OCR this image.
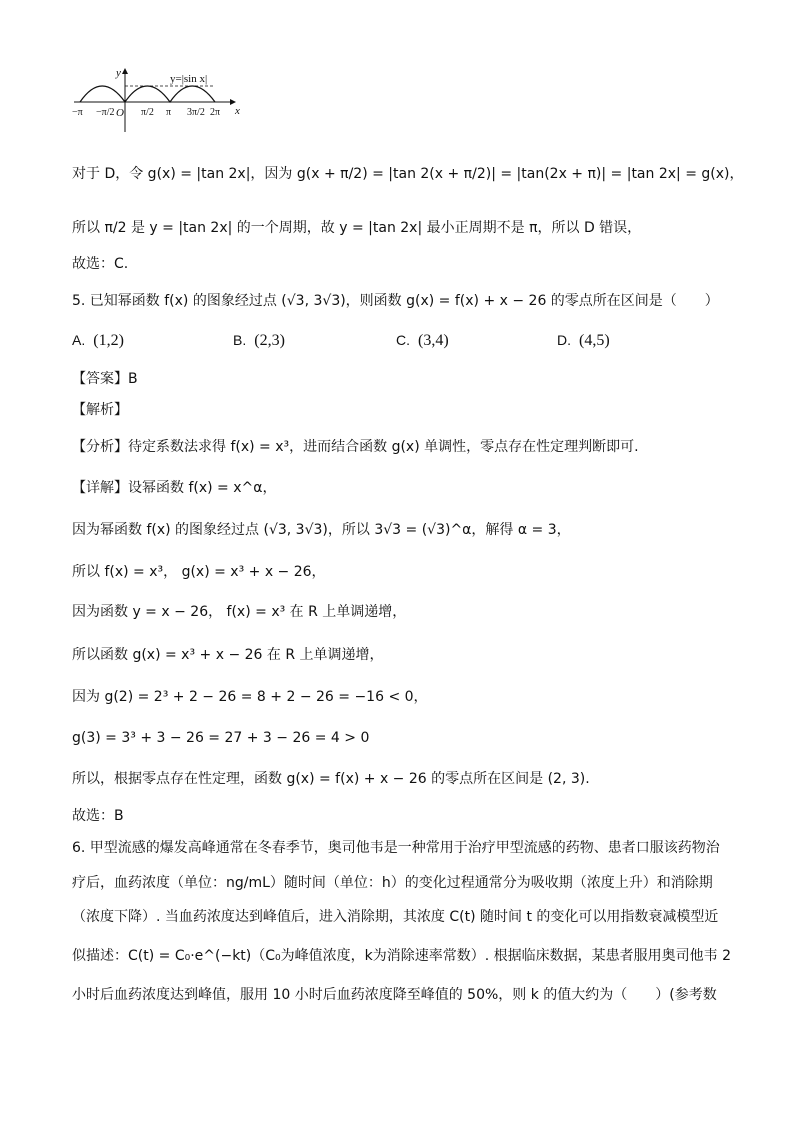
y=|sin x|
y
x
O
−π −π/2	π/2 π 3π/2 2π
对于 D，令 g(x) = |tan 2x|，因为 g(x + π/2) = |tan 2(x + π/2)| = |tan(2x + π)| = |tan 2x| = g(x)，
所以 π/2 是 y = |tan 2x| 的一个周期，故 y = |tan 2x| 最小正周期不是 π，所以 D 错误，
故选：C.
5. 已知幂函数 f(x) 的图象经过点 (√3, 3√3)，则函数 g(x) = f(x) + x − 26 的零点所在区间是（　　）
A. (1,2)	B. (2,3)	C. (3,4)	D. (4,5)
【答案】B
【解析】
【分析】待定系数法求得 f(x) = x³，进而结合函数 g(x) 单调性，零点存在性定理判断即可.
【详解】设幂函数 f(x) = x^α，
因为幂函数 f(x) 的图象经过点 (√3, 3√3)，所以 3√3 = (√3)^α，解得 α = 3，
所以 f(x) = x³， g(x) = x³ + x − 26，
因为函数 y = x − 26， f(x) = x³ 在 R 上单调递增，
所以函数 g(x) = x³ + x − 26 在 R 上单调递增，
因为 g(2) = 2³ + 2 − 26 = 8 + 2 − 26 = −16 < 0，
g(3) = 3³ + 3 − 26 = 27 + 3 − 26 = 4 > 0
所以，根据零点存在性定理，函数 g(x) = f(x) + x − 26 的零点所在区间是 (2, 3).
故选：B
6. 甲型流感的爆发高峰通常在冬春季节，奥司他韦是一种常用于治疗甲型流感的药物、患者口服该药物治
疗后，血药浓度（单位：ng/mL）随时间（单位：h）的变化过程通常分为吸收期（浓度上升）和消除期
（浓度下降）. 当血药浓度达到峰值后，进入消除期，其浓度 C(t) 随时间 t 的变化可以用指数衰减模型近
似描述：C(t) = C₀·e^(−kt)（C₀为峰值浓度，k为消除速率常数）. 根据临床数据，某患者服用奥司他韦 2
小时后血药浓度达到峰值，服用 10 小时后血药浓度降至峰值的 50%，则 k 的值大约为（　　）(参考数
